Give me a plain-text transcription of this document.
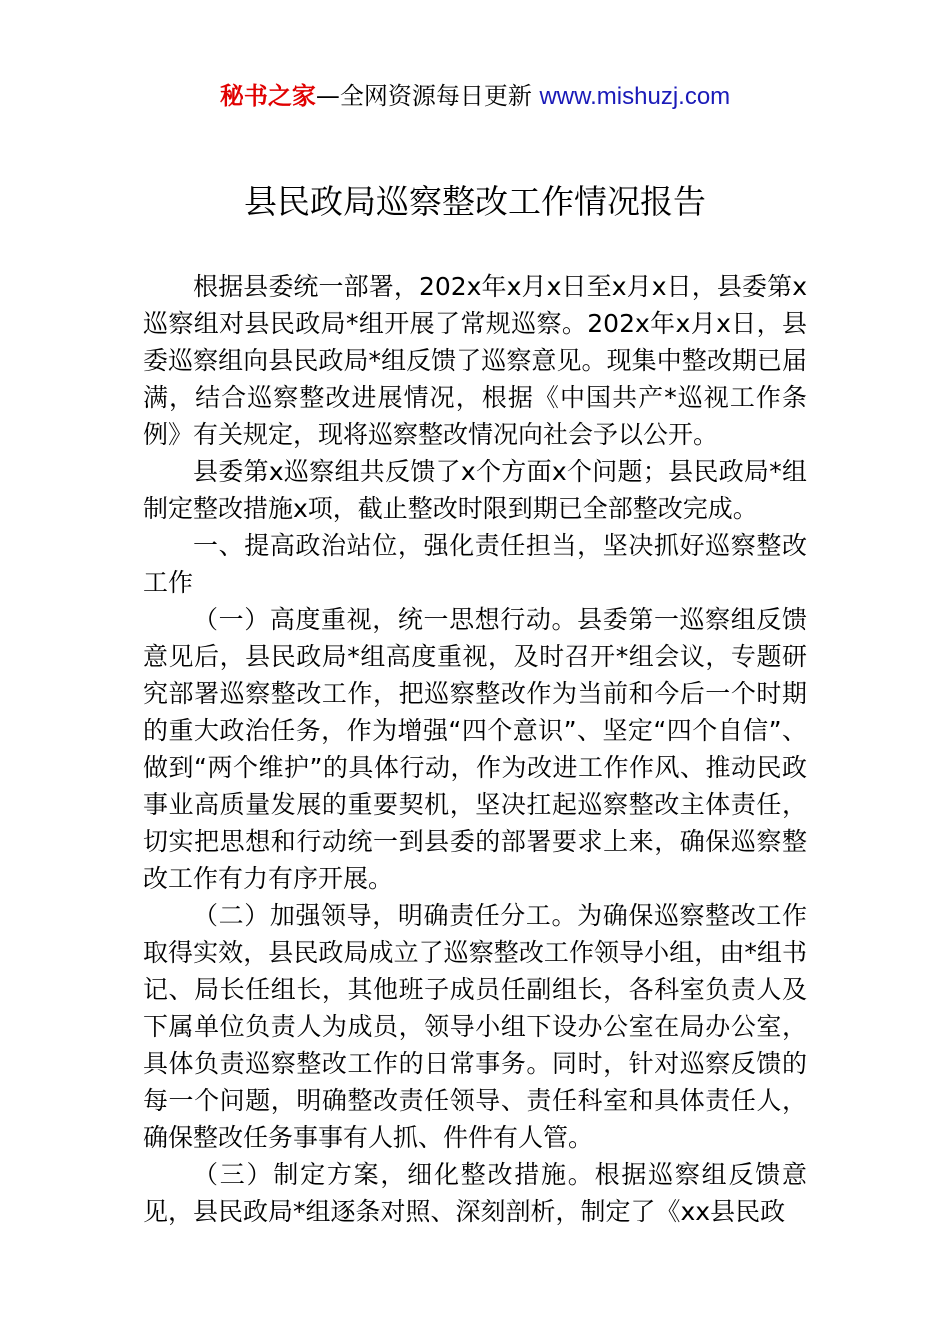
秘书之家—全网资源每日更新 www.mishuzj.com
县民政局巡察整改工作情况报告

根据县委统一部署，202x年x月x日至x月x日，县委第x巡察组对县民政局*组开展了常规巡察。202x年x月x日，县委巡察组向县民政局*组反馈了巡察意见。现集中整改期已届满，结合巡察整改进展情况，根据《中国共产*巡视工作条例》有关规定，现将巡察整改情况向社会予以公开。

县委第x巡察组共反馈了x个方面x个问题；县民政局*组制定整改措施x项，截止整改时限到期已全部整改完成。

一、提高政治站位，强化责任担当，坚决抓好巡察整改工作

（一）高度重视，统一思想行动。县委第一巡察组反馈意见后，县民政局*组高度重视，及时召开*组会议，专题研究部署巡察整改工作，把巡察整改作为当前和今后一个时期的重大政治任务，作为增强“四个意识”、坚定“四个自信”、做到“两个维护”的具体行动，作为改进工作作风、推动民政事业高质量发展的重要契机，坚决扛起巡察整改主体责任，切实把思想和行动统一到县委的部署要求上来，确保巡察整改工作有力有序开展。

（二）加强领导，明确责任分工。为确保巡察整改工作取得实效，县民政局成立了巡察整改工作领导小组，由*组书记、局长任组长，其他班子成员任副组长，各科室负责人及下属单位负责人为成员，领导小组下设办公室在局办公室，具体负责巡察整改工作的日常事务。同时，针对巡察反馈的每一个问题，明确整改责任领导、责任科室和具体责任人，确保整改任务事事有人抓、件件有人管。

（三）制定方案，细化整改措施。根据巡察组反馈意见，县民政局*组逐条对照、深刻剖析，制定了《xx县民政
